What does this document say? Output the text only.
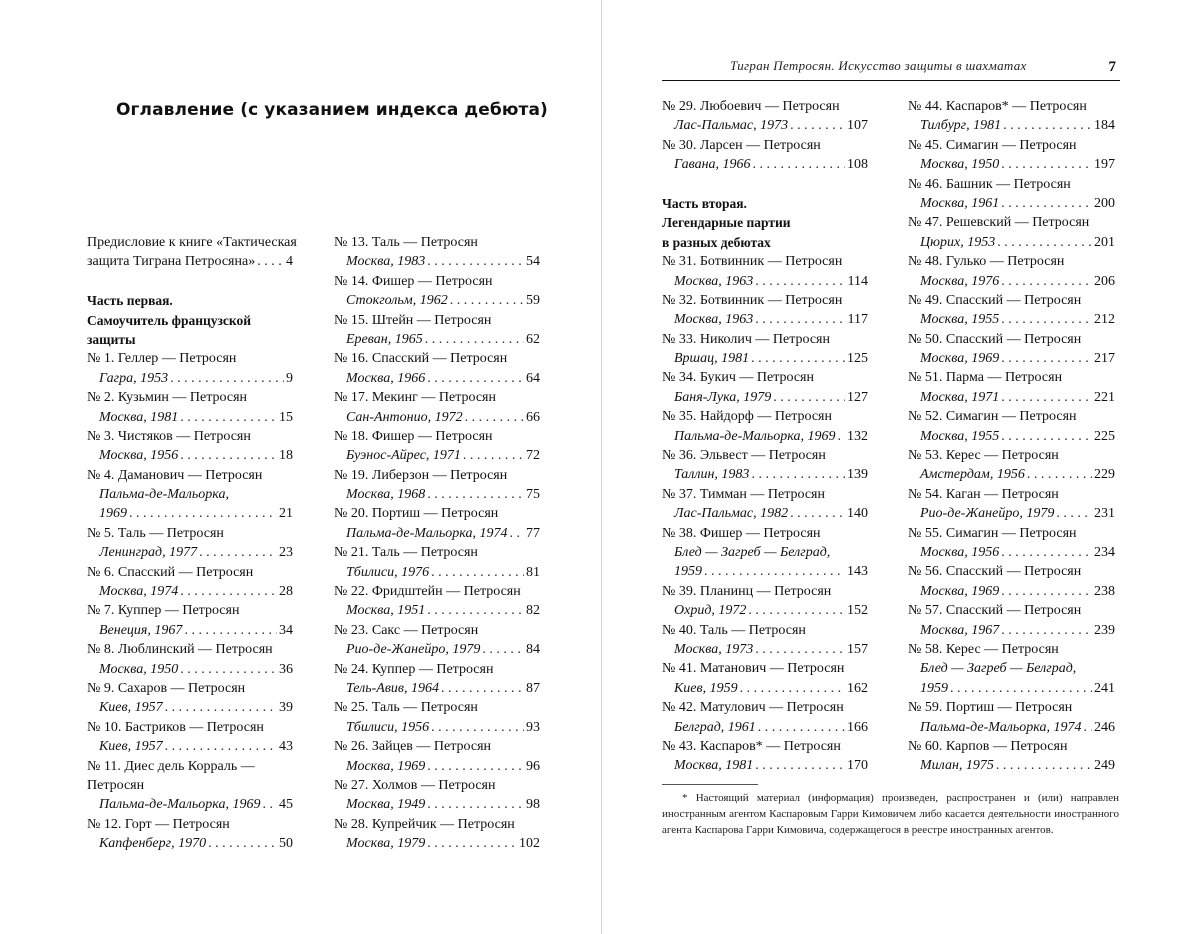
Оглавление (с указанием индекса дебюта)
Предисловие к книге «Тактическая
защита Тиграна Петросяна» . . . 4
Часть первая.
Самоучитель французской
защиты
№ 1. Геллер — Петросян
Гагра, 1953 . . .	9
№ 2. Кузьмин — Петросян
Москва, 1981 . . .	15
№ 3. Чистяков — Петросян
Москва, 1956 . . .	18
№ 4. Даманович — Петросян
Пальма-де-Мальорка,
1969 . . .	21
№ 5. Таль — Петросян
Ленинград, 1977 . . .	23
№ 6. Спасский — Петросян
Москва, 1974 . . .	28
№ 7. Куппер — Петросян
Венеция, 1967 . . .	34
№ 8. Люблинский — Петросян
Москва, 1950 . . .	36
№ 9. Сахаров — Петросян
Киев, 1957 . . .	39
№ 10. Бастриков — Петросян
Киев, 1957 . . .	43
№ 11. Диес дель Корраль —
Петросян
Пальма-де-Мальорка, 1969 . . . 45
№ 12. Горт — Петросян
Капфенберг, 1970 . . .	50
№ 13. Таль — Петросян
Москва, 1983 . . .	54
№ 14. Фишер — Петросян
Стокгольм, 1962 . . .	59
№ 15. Штейн — Петросян
Ереван, 1965 . . .	62
№ 16. Спасский — Петросян
Москва, 1966 . . .	64
№ 17. Мекинг — Петросян
Сан-Антонио, 1972 . . .	66
№ 18. Фишер — Петросян
Буэнос-Айрес, 1971 . . .	72
№ 19. Либерзон — Петросян
Москва, 1968 . . .	75
№ 20. Портиш — Петросян
Пальма-де-Мальорка, 1974 . . . 77
№ 21. Таль — Петросян
Тбилиси, 1976 . . .	81
№ 22. Фридштейн — Петросян
Москва, 1951 . . .	82
№ 23. Сакс — Петросян
Рио-де-Жанейро, 1979 . . .	84
№ 24. Куппер — Петросян
Тель-Авив, 1964 . . .	87
№ 25. Таль — Петросян
Тбилиси, 1956 . . .	93
№ 26. Зайцев — Петросян
Москва, 1969 . . .	96
№ 27. Холмов — Петросян
Москва, 1949 . . .	98
№ 28. Купрейчик — Петросян
Москва, 1979 . . .	102
Тигран Петросян. Искусство защиты в шахматах	7
№ 29. Любоевич — Петросян
Лас-Пальмас, 1973 . . .	107
№ 30. Ларсен — Петросян
Гавана, 1966 . . .	108
Часть вторая.
Легендарные партии
в разных дебютах
№ 31. Ботвинник — Петросян
Москва, 1963 . . .	114
№ 32. Ботвинник — Петросян
Москва, 1963 . . .	117
№ 33. Николич — Петросян
Вршац, 1981 . . .	125
№ 34. Букич — Петросян
Баня-Лука, 1979 . . .	127
№ 35. Найдорф — Петросян
Пальма-де-Мальорка, 1969 . . . 132
№ 36. Эльвест — Петросян
Таллин, 1983 . . .	139
№ 37. Тимман — Петросян
Лас-Пальмас, 1982 . . .	140
№ 38. Фишер — Петросян
Блед — Загреб — Белград,
1959 . . .	143
№ 39. Планинц — Петросян
Охрид, 1972 . . .	152
№ 40. Таль — Петросян
Москва, 1973 . . .	157
№ 41. Матанович — Петросян
Киев, 1959 . . .	162
№ 42. Матулович — Петросян
Белград, 1961 . . .	166
№ 43. Каспаров* — Петросян
Москва, 1981 . . .	170
№ 44. Каспаров* — Петросян
Тилбург, 1981 . . .	184
№ 45. Симагин — Петросян
Москва, 1950 . . .	197
№ 46. Башник — Петросян
Москва, 1961 . . .	200
№ 47. Решевский — Петросян
Цюрих, 1953 . . .	201
№ 48. Гулько — Петросян
Москва, 1976 . . .	206
№ 49. Спасский — Петросян
Москва, 1955 . . .	212
№ 50. Спасский — Петросян
Москва, 1969 . . .	217
№ 51. Парма — Петросян
Москва, 1971 . . .	221
№ 52. Симагин — Петросян
Москва, 1955 . . .	225
№ 53. Керес — Петросян
Амстердам, 1956 . . .	229
№ 54. Каган — Петросян
Рио-де-Жанейро, 1979 . . .	231
№ 55. Симагин — Петросян
Москва, 1956 . . .	234
№ 56. Спасский — Петросян
Москва, 1969 . . .	238
№ 57. Спасский — Петросян
Москва, 1967 . . .	239
№ 58. Керес — Петросян
Блед — Загреб — Белград,
1959 . . .	241
№ 59. Портиш — Петросян
Пальма-де-Мальорка, 1974 . . . 246
№ 60. Карпов — Петросян
Милан, 1975 . . .	249
* Настоящий материал (информация) произведен, распространен и (или) направлен иностранным агентом Каспаровым Гарри Кимовичем либо касается деятельности иностранного агента Каспарова Гарри Кимовича, содержащегося в реестре иностранных агентов.
